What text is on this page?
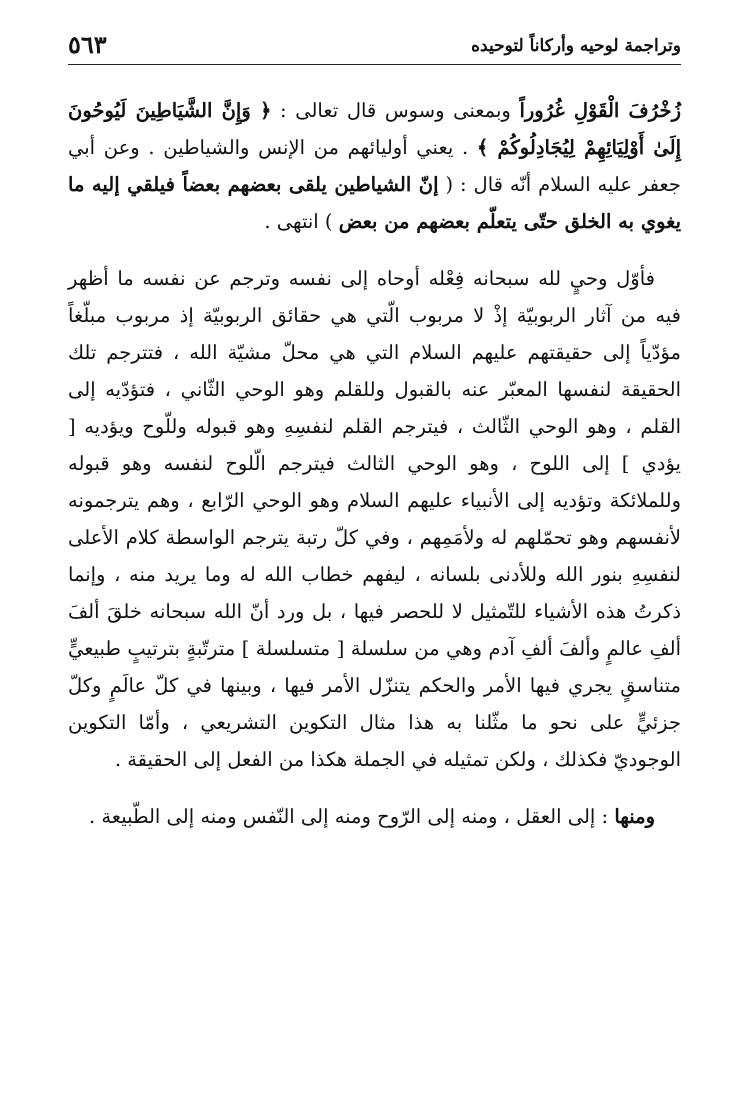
٥٦٣	وتراجمة لوحيه وأركاناً لتوحيده

زُخْرُفَ الْقَوْلِ غُرُوراً وبمعنى وسوس قال تعالى : ﴿ وَإِنَّ الشَّيَاطِينَ لَيُوحُونَ إِلَىٰ أَوْلِيَائِهِمْ لِيُجَادِلُوكُمْ ﴾ . يعني أوليائهم من الإنس والشياطين . وعن أبي جعفر عليه السلام أنّه قال : ( إنّ الشياطين يلقى بعضهم بعضاً فيلقي إليه ما يغوي به الخلق حتّى يتعلّم بعضهم من بعض ) انتهى .

فأوّل وحيٍ لله سبحانه فِعْله أوحاه إلى نفسه وترجم عن نفسه ما أظهر فيه من آثار الربوبيّة إذْ لا مربوب الّتي هي حقائق الربوبيّة إذ مربوب مبلّغاً مؤدّياً إلى حقيقتهم عليهم السلام التي هي محلّ مشيّة الله ، فتترجم تلك الحقيقة لنفسها المعبّر عنه بالقبول وللقلم وهو الوحي الثّاني ، فتؤدّيه إلى القلم ، وهو الوحي الثّالث ، فيترجم القلم لنفسِهِ وهو قبوله وللّوح ويؤديه [ يؤدي ] إلى اللوح ، وهو الوحي الثالث فيترجم الّلوح لنفسه وهو قبوله وللملائكة وتؤديه إلى الأنبياء عليهم السلام وهو الوحي الرّابع ، وهم يترجمونه لأنفسهم وهو تحمّلهم له ولأمَمِهم ، وفي كلّ رتبة يترجم الواسطة كلام الأعلى لنفسِهِ بنور الله وللأدنى بلسانه ، ليفهم خطاب الله له وما يريد منه ، وإنما ذكرتُ هذه الأشياء للتّمثيل لا للحصر فيها ، بل ورد أنّ الله سبحانه خلقَ ألفَ ألفِ عالمٍ وألفَ ألفِ آدم وهي من سلسلة [ متسلسلة ] مترتّبةٍ بترتيبٍ طبيعيٍّ متناسقٍ يجري فيها الأمر والحكم يتنزّل الأمر فيها ، وبينها في كلّ عالَمٍ وكلّ جزئيٍّ على نحو ما مثّلنا به هذا مثال التكوين التشريعي ، وأمّا التكوين الوجوديّ فكذلك ، ولكن تمثيله في الجملة هكذا من الفعل إلى الحقيقة .

ومنها : إلى العقل ، ومنه إلى الرّوح ومنه إلى النّفس ومنه إلى الطّبيعة .
